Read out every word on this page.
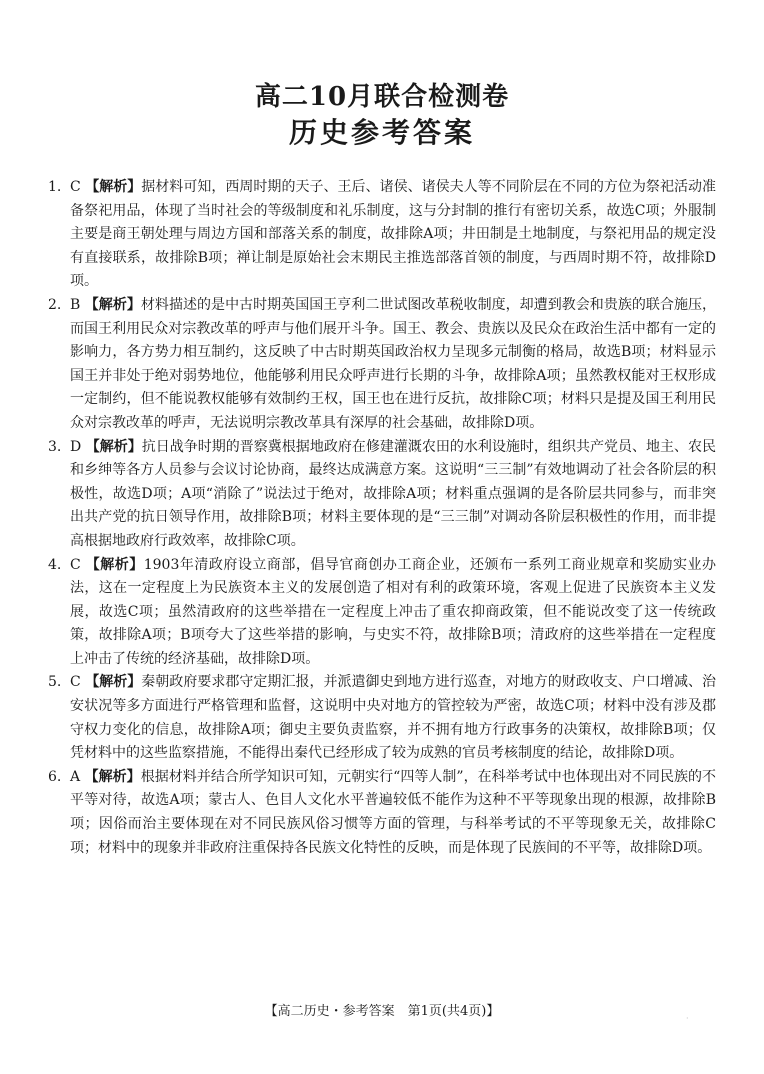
高二10月联合检测卷
历史参考答案

1. C 【解析】据材料可知，西周时期的天子、王后、诸侯、诸侯夫人等不同阶层在不同的方位为祭祀活动准备祭祀用品，体现了当时社会的等级制度和礼乐制度，这与分封制的推行有密切关系，故选C项；外服制主要是商王朝处理与周边方国和部落关系的制度，故排除A项；井田制是土地制度，与祭祀用品的规定没有直接联系，故排除B项；禅让制是原始社会末期民主推选部落首领的制度，与西周时期不符，故排除D项。

2. B 【解析】材料描述的是中古时期英国国王亨利二世试图改革税收制度，却遭到教会和贵族的联合施压，而国王利用民众对宗教改革的呼声与他们展开斗争。国王、教会、贵族以及民众在政治生活中都有一定的影响力，各方势力相互制约，这反映了中古时期英国政治权力呈现多元制衡的格局，故选B项；材料显示国王并非处于绝对弱势地位，他能够利用民众呼声进行长期的斗争，故排除A项；虽然教权能对王权形成一定制约，但不能说教权能够有效制约王权，国王也在进行反抗，故排除C项；材料只是提及国王利用民众对宗教改革的呼声，无法说明宗教改革具有深厚的社会基础，故排除D项。

3. D 【解析】抗日战争时期的晋察冀根据地政府在修建灌溉农田的水利设施时，组织共产党员、地主、农民和乡绅等各方人员参与会议讨论协商，最终达成满意方案。这说明“三三制”有效地调动了社会各阶层的积极性，故选D项；A项“消除了”说法过于绝对，故排除A项；材料重点强调的是各阶层共同参与，而非突出共产党的抗日领导作用，故排除B项；材料主要体现的是“三三制”对调动各阶层积极性的作用，而非提高根据地政府行政效率，故排除C项。

4. C 【解析】1903年清政府设立商部，倡导官商创办工商企业，还颁布一系列工商业规章和奖励实业办法，这在一定程度上为民族资本主义的发展创造了相对有利的政策环境，客观上促进了民族资本主义发展，故选C项；虽然清政府的这些举措在一定程度上冲击了重农抑商政策，但不能说改变了这一传统政策，故排除A项；B项夸大了这些举措的影响，与史实不符，故排除B项；清政府的这些举措在一定程度上冲击了传统的经济基础，故排除D项。

5. C 【解析】秦朝政府要求郡守定期汇报，并派遣御史到地方进行巡查，对地方的财政收支、户口增减、治安状况等多方面进行严格管理和监督，这说明中央对地方的管控较为严密，故选C项；材料中没有涉及郡守权力变化的信息，故排除A项；御史主要负责监察，并不拥有地方行政事务的决策权，故排除B项；仅凭材料中的这些监察措施，不能得出秦代已经形成了较为成熟的官员考核制度的结论，故排除D项。

6. A 【解析】根据材料并结合所学知识可知，元朝实行“四等人制”，在科举考试中也体现出对不同民族的不平等对待，故选A项；蒙古人、色目人文化水平普遍较低不能作为这种不平等现象出现的根源，故排除B项；因俗而治主要体现在对不同民族风俗习惯等方面的管理，与科举考试的不平等现象无关，故排除C项；材料中的现象并非政府注重保持各民族文化特性的反映，而是体现了民族间的不平等，故排除D项。

【高二历史・参考答案　第1页(共4页)】	·
